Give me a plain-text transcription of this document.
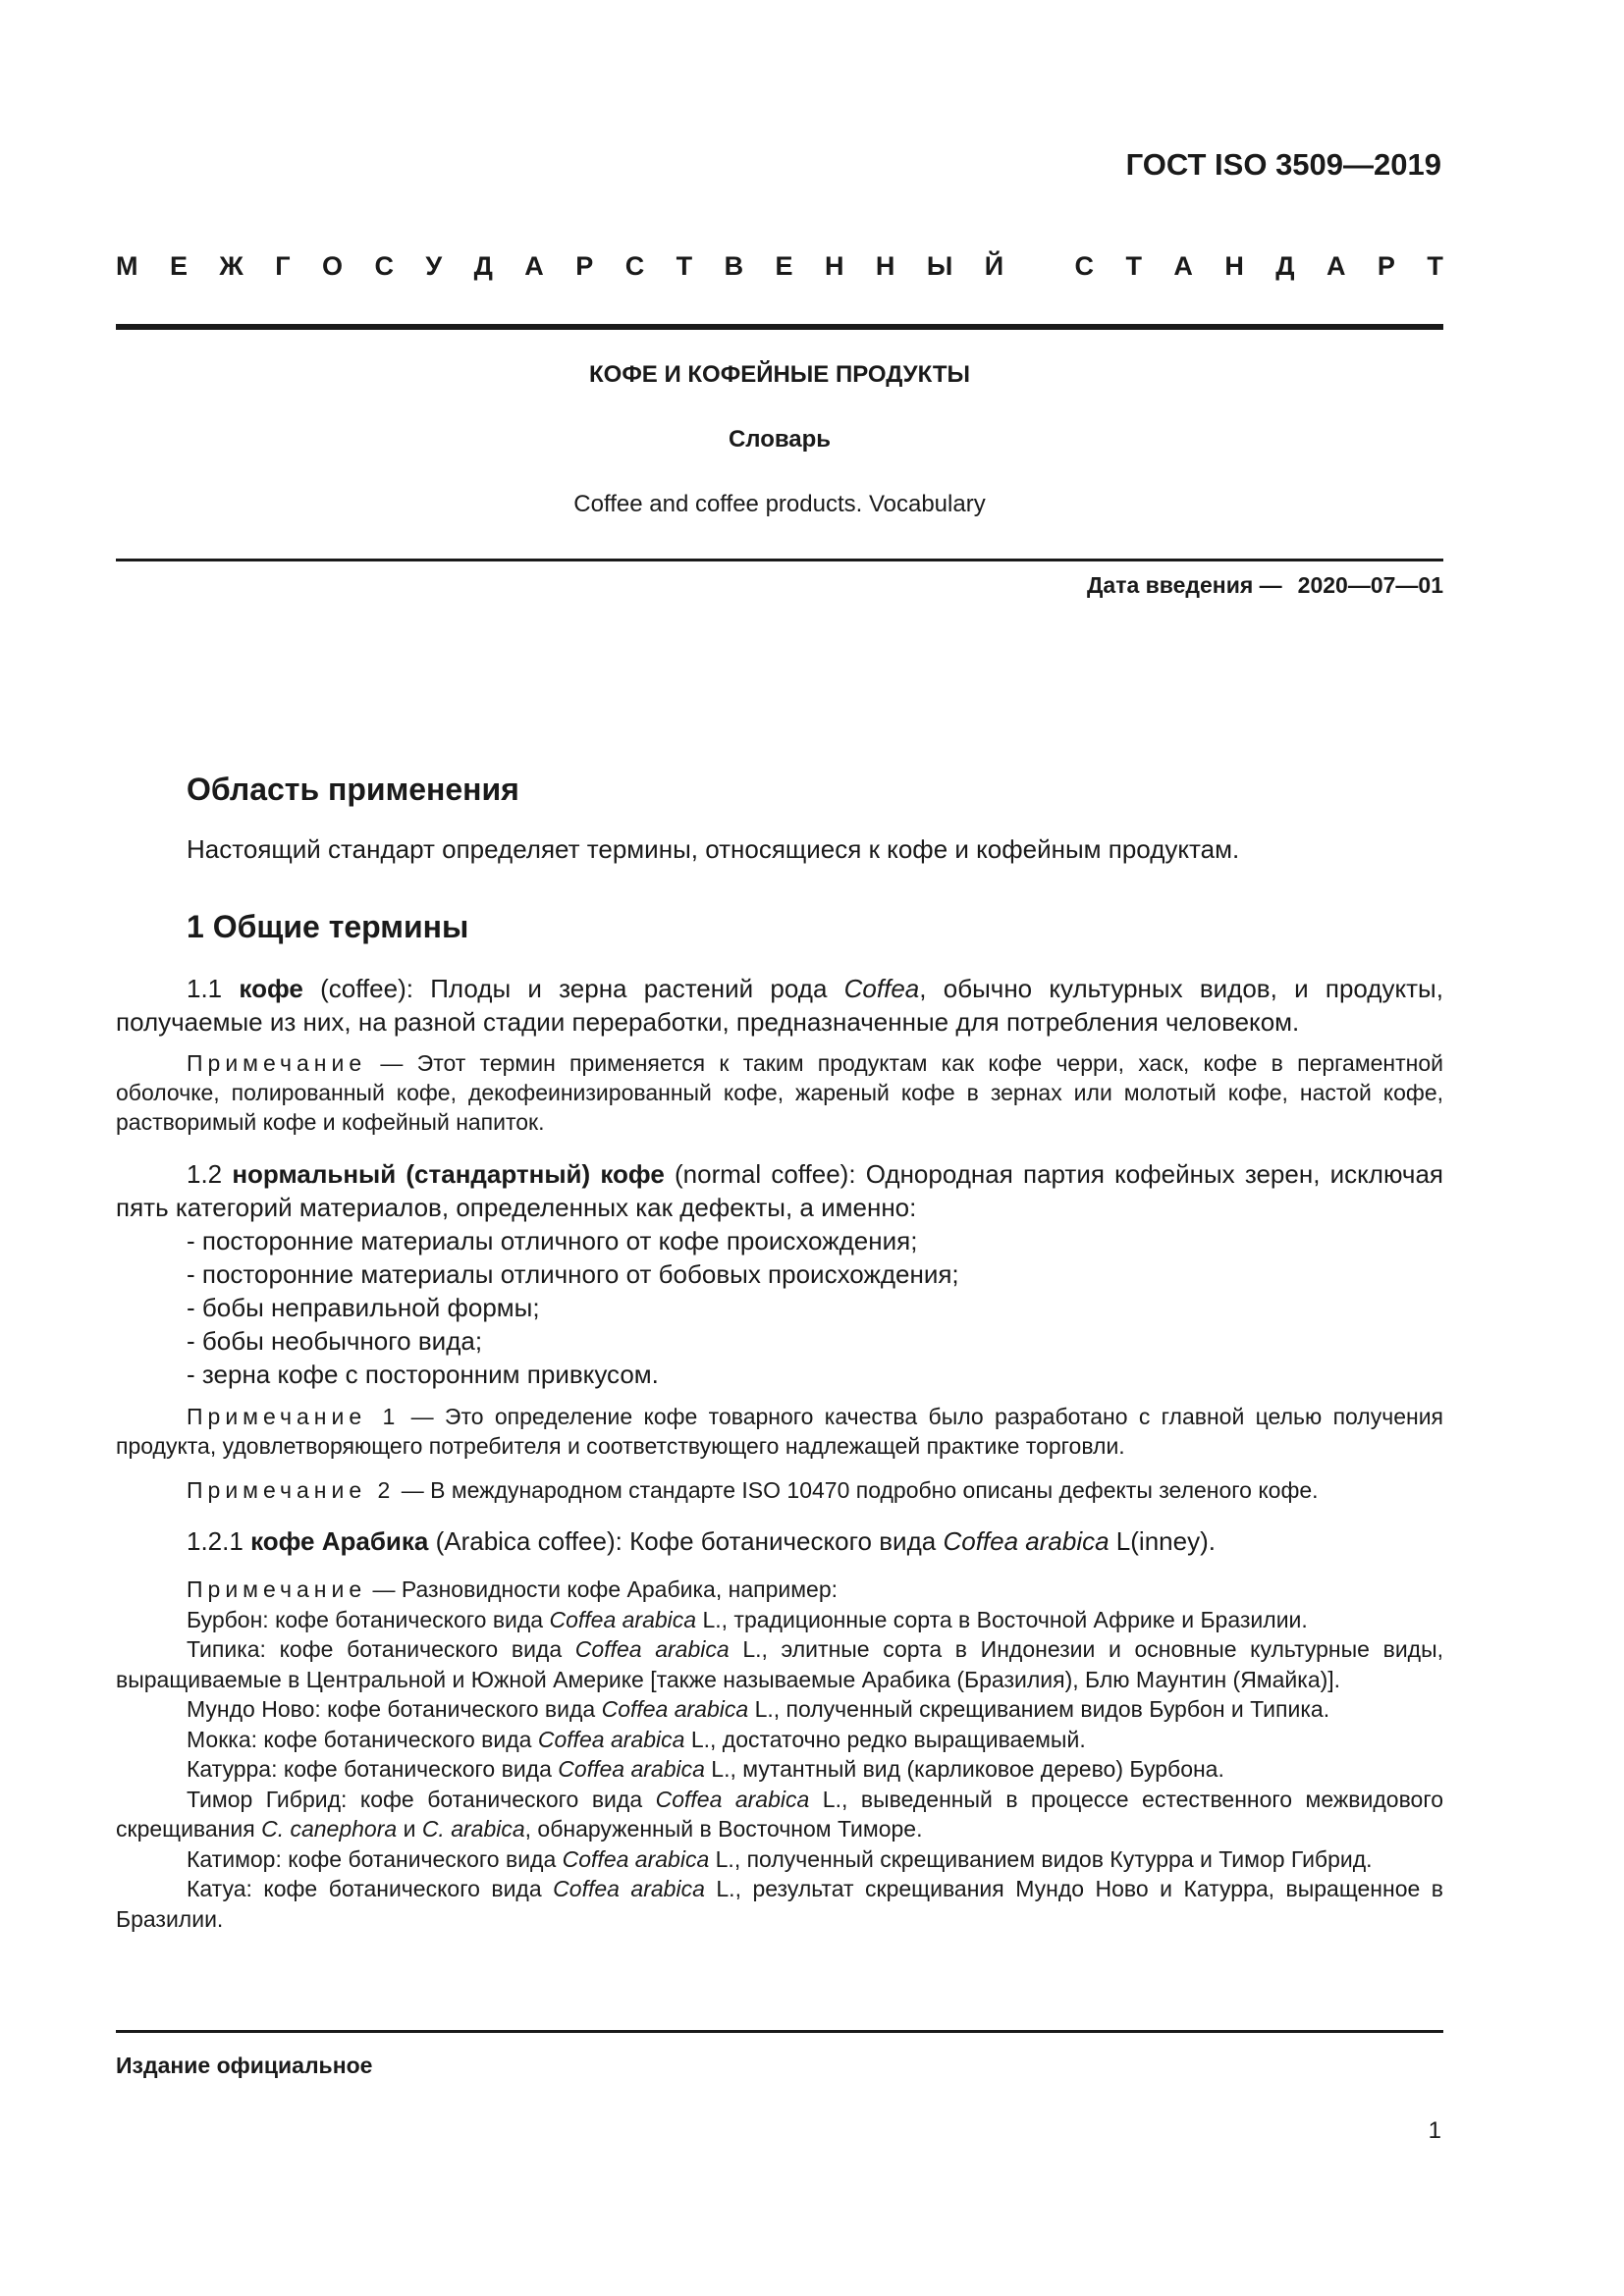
ГОСТ ISO 3509—2019
М Е Ж Г О С У Д А Р С Т В Е Н Н Ы Й
	С Т А Н Д А Р Т
КОФЕ И КОФЕЙНЫЕ ПРОДУКТЫ
Словарь
Coffee and coffee products. Vocabulary
Дата введения — 2020—07—01
Область применения

Настоящий стандарт определяет термины, относящиеся к кофе и кофейным продуктам.

1 Общие термины

1.1 кофе (coffee): Плоды и зерна растений рода Coffea, обычно культурных видов, и продукты, получаемые из них, на разной стадии переработки, предназначенные для потребления человеком.

Примечание — Этот термин применяется к таким продуктам как кофе черри, хаск, кофе в пергаментной оболочке, полированный кофе, декофеинизированный кофе, жареный кофе в зернах или молотый кофе, настой кофе, растворимый кофе и кофейный напиток.

1.2 нормальный (стандартный) кофе (normal coffee): Однородная партия кофейных зерен, исключая пять категорий материалов, определенных как дефекты, а именно:

- посторонние материалы отличного от кофе происхождения;
- посторонние материалы отличного от бобовых происхождения;
- бобы неправильной формы;
- бобы необычного вида;
- зерна кофе с посторонним привкусом.

Примечание 1 — Это определение кофе товарного качества было разработано с главной целью получения продукта, удовлетворяющего потребителя и соответствующего надлежащей практике торговли.

Примечание 2 — В международном стандарте ISO 10470 подробно описаны дефекты зеленого кофе.

1.2.1 кофе Арабика (Arabica coffee): Кофе ботанического вида Coffea arabica L(inney).

Примечание — Разновидности кофе Арабика, например:

Бурбон: кофе ботанического вида Coffea arabica L., традиционные сорта в Восточной Африке и Бразилии.

Типика: кофе ботанического вида Coffea arabica L., элитные сорта в Индонезии и основные культурные виды, выращиваемые в Центральной и Южной Америке [также называемые Арабика (Бразилия), Блю Маунтин (Ямайка)].

Мундо Ново: кофе ботанического вида Coffea arabica L., полученный скрещиванием видов Бурбон и Типика.

Мокка: кофе ботанического вида Coffea arabica L., достаточно редко выращиваемый.

Катурра: кофе ботанического вида Coffea arabica L., мутантный вид (карликовое дерево) Бурбона.

Тимор Гибрид: кофе ботанического вида Coffea arabica L., выведенный в процессе естественного межвидового скрещивания C. canephora и C. arabica, обнаруженный в Восточном Тиморе.

Катимор: кофе ботанического вида Coffea arabica L., полученный скрещиванием видов Кутурра и Тимор Гибрид.

Катуа: кофе ботанического вида Coffea arabica L., результат скрещивания Мундо Ново и Катурра, выращенное в Бразилии.

Издание официальное
1
